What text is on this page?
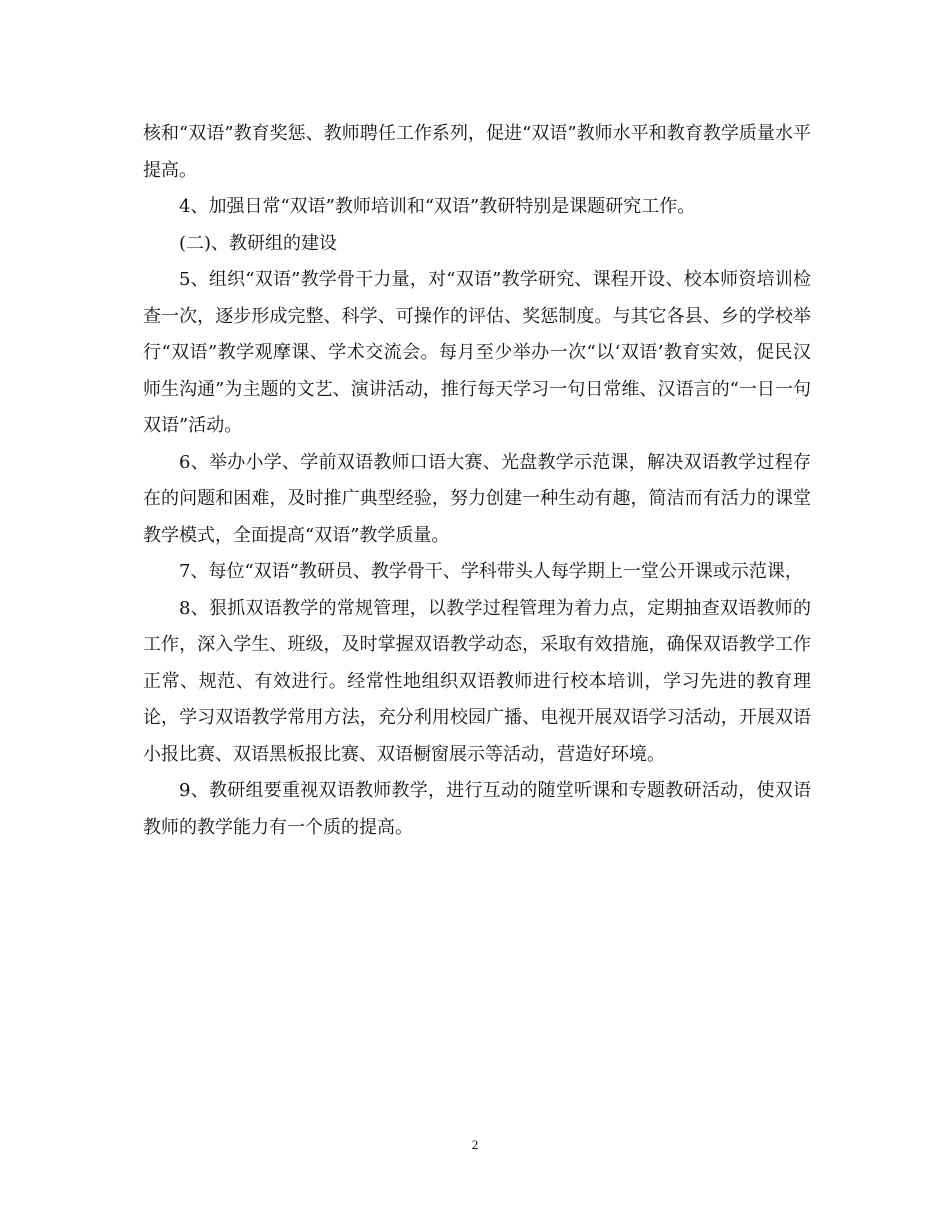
核和“双语”教育奖惩、教师聘任工作系列，促进“双语”教师水平和教育教学质量水平提高。

4、加强日常“双语”教师培训和“双语”教研特别是课题研究工作。

(二)、教研组的建设

5、组织“双语”教学骨干力量，对“双语”教学研究、课程开设、校本师资培训检查一次，逐步形成完整、科学、可操作的评估、奖惩制度。与其它各县、乡的学校举行“双语”教学观摩课、学术交流会。每月至少举办一次“以‘双语’教育实效，促民汉师生沟通”为主题的文艺、演讲活动，推行每天学习一句日常维、汉语言的“一日一句双语”活动。

6、举办小学、学前双语教师口语大赛、光盘教学示范课，解决双语教学过程存在的问题和困难，及时推广典型经验，努力创建一种生动有趣，简洁而有活力的课堂教学模式，全面提高“双语”教学质量。

7、每位“双语”教研员、教学骨干、学科带头人每学期上一堂公开课或示范课，

8、狠抓双语教学的常规管理，以教学过程管理为着力点，定期抽查双语教师的工作，深入学生、班级，及时掌握双语教学动态，采取有效措施，确保双语教学工作正常、规范、有效进行。经常性地组织双语教师进行校本培训，学习先进的教育理论，学习双语教学常用方法，充分利用校园广播、电视开展双语学习活动，开展双语小报比赛、双语黑板报比赛、双语橱窗展示等活动，营造好环境。

9、教研组要重视双语教师教学，进行互动的随堂听课和专题教研活动，使双语教师的教学能力有一个质的提高。

2
